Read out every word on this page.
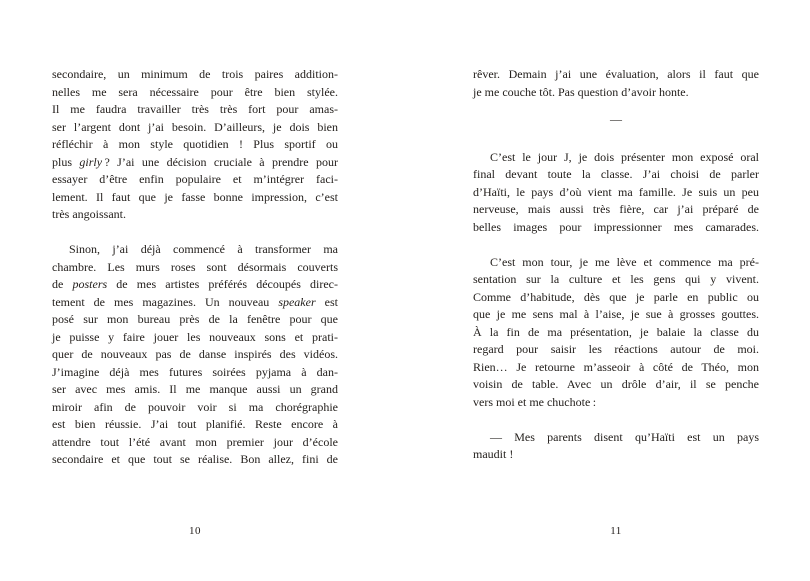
secondaire, un minimum de trois paires addition-
nelles me sera nécessaire pour être bien stylée.
Il me faudra travailler très très fort pour amas-
ser l’argent dont j’ai besoin. D’ailleurs, je dois bien
réfléchir à mon style quotidien ! Plus sportif ou
plus girly ? J’ai une décision cruciale à prendre pour
essayer d’être enfin populaire et m’intégrer faci-
lement. Il faut que je fasse bonne impression, c’est
très angoissant.
Sinon, j’ai déjà commencé à transformer ma
chambre. Les murs roses sont désormais couverts
de posters de mes artistes préférés découpés direc-
tement de mes magazines. Un nouveau speaker est
posé sur mon bureau près de la fenêtre pour que
je puisse y faire jouer les nouveaux sons et prati-
quer de nouveaux pas de danse inspirés des vidéos.
J’imagine déjà mes futures soirées pyjama à dan-
ser avec mes amis. Il me manque aussi un grand
miroir afin de pouvoir voir si ma chorégraphie
est bien réussie. J’ai tout planifié. Reste encore à
attendre tout l’été avant mon premier jour d’école
secondaire et que tout se réalise. Bon allez, fini de
10
rêver. Demain j’ai une évaluation, alors il faut que
je me couche tôt. Pas question d’avoir honte.
—
C’est le jour J, je dois présenter mon exposé oral
final devant toute la classe. J’ai choisi de parler
d’Haïti, le pays d’où vient ma famille. Je suis un peu
nerveuse, mais aussi très fière, car j’ai préparé de
belles images pour impressionner mes camarades.
C’est mon tour, je me lève et commence ma pré-
sentation sur la culture et les gens qui y vivent.
Comme d’habitude, dès que je parle en public ou
que je me sens mal à l’aise, je sue à grosses gouttes.
À la fin de ma présentation, je balaie la classe du
regard pour saisir les réactions autour de moi.
Rien… Je retourne m’asseoir à côté de Théo, mon
voisin de table. Avec un drôle d’air, il se penche
vers moi et me chuchote :
— Mes parents disent qu’Haïti est un pays
maudit !
11
